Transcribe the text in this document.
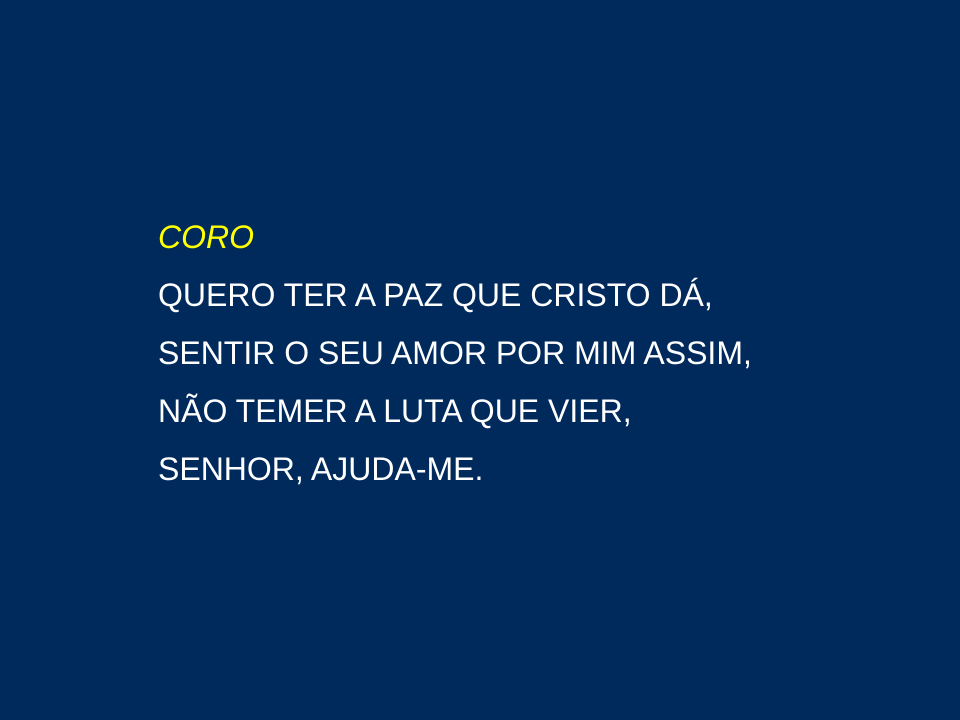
CORO
QUERO TER A PAZ QUE CRISTO DÁ,
SENTIR O SEU AMOR POR MIM ASSIM,
NÃO TEMER A LUTA QUE VIER,
SENHOR, AJUDA-ME.
